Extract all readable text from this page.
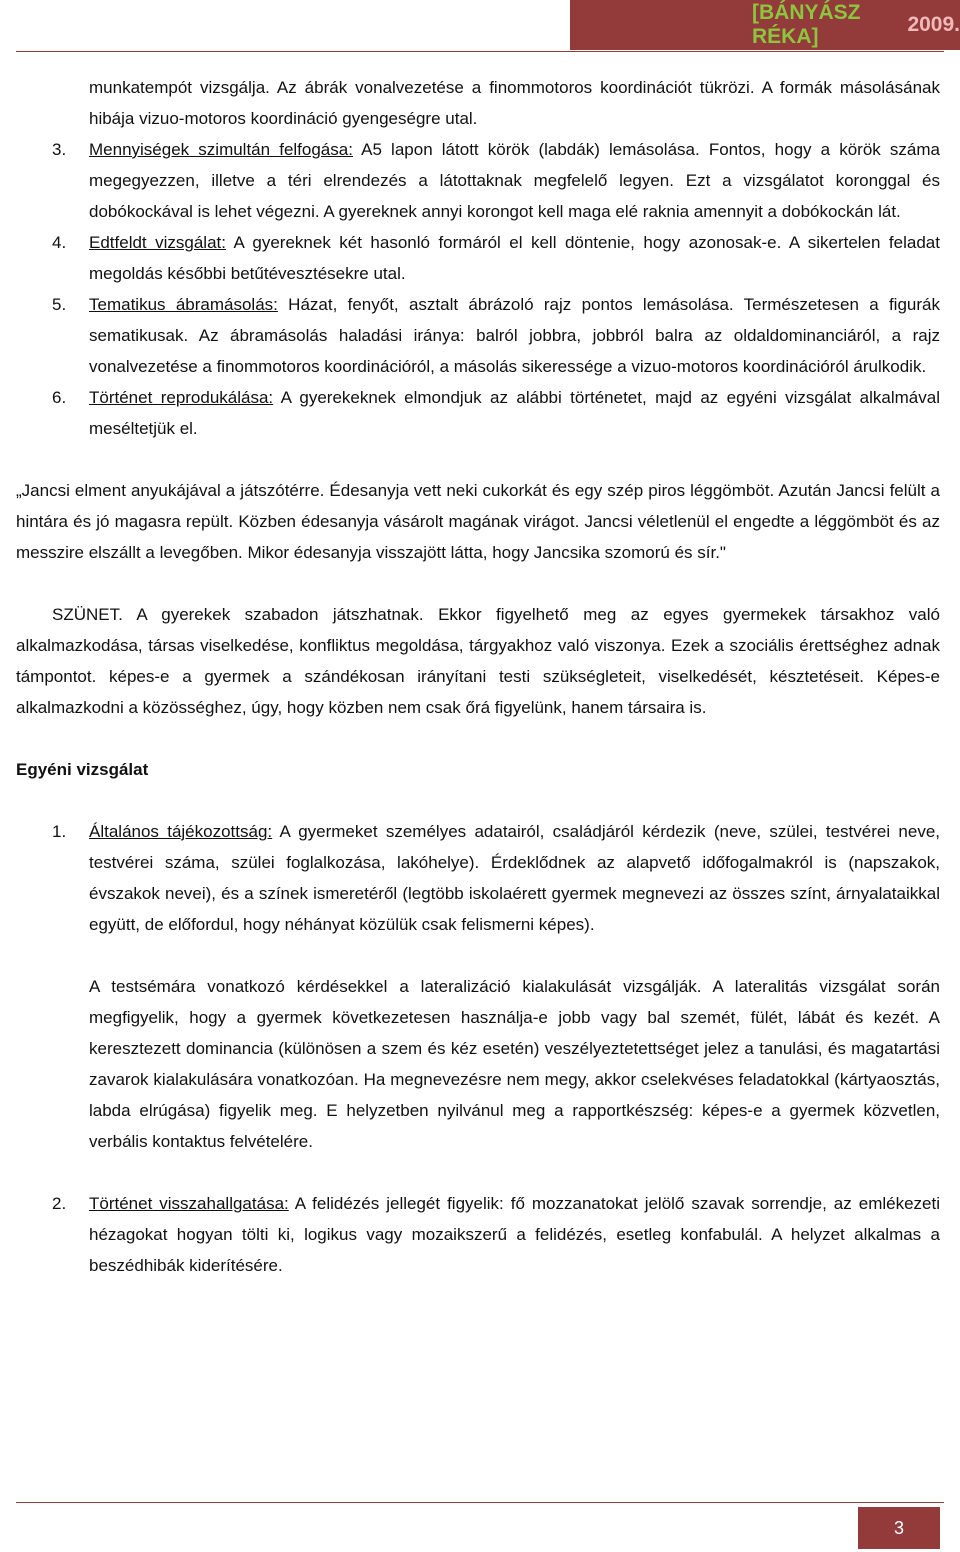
[BÁNYÁSZ RÉKA]
2009.

munkatempót vizsgálja. Az ábrák vonalvezetése a finommotoros koordinációt tükrözi. A formák másolásának hibája vizuo-motoros koordináció gyengeségre utal.

3. Mennyiségek szimultán felfogása: A5 lapon látott körök (labdák) lemásolása. Fontos, hogy a körök száma megegyezzen, illetve a téri elrendezés a látottaknak megfelelő legyen. Ezt a vizsgálatot koronggal és dobókockával is lehet végezni. A gyereknek annyi korongot kell maga elé raknia amennyit a dobókockán lát.

4. Edtfeldt vizsgálat: A gyereknek két hasonló formáról el kell döntenie, hogy azonosak-e. A sikertelen feladat megoldás későbbi betűtévesztésekre utal.

5. Tematikus ábramásolás: Házat, fenyőt, asztalt ábrázoló rajz pontos lemásolása. Természetesen a figurák sematikusak. Az ábramásolás haladási iránya: balról jobbra, jobbról balra az oldaldominanciáról, a rajz vonalvezetése a finommotoros koordinációról, a másolás sikeressége a vizuo-motoros koordinációról árulkodik.

6. Történet reprodukálása: A gyerekeknek elmondjuk az alábbi történetet, majd az egyéni vizsgálat alkalmával meséltetjük el.

„Jancsi elment anyukájával a játszótérre. Édesanyja vett neki cukorkát és egy szép piros léggömböt. Azután Jancsi felült a hintára és jó magasra repült. Közben édesanyja vásárolt magának virágot. Jancsi véletlenül el engedte a léggömböt és az messzire elszállt a levegőben. Mikor édesanyja visszajött látta, hogy Jancsika szomorú és sír."

SZÜNET. A gyerekek szabadon játszhatnak. Ekkor figyelhető meg az egyes gyermekek társakhoz való alkalmazkodása, társas viselkedése, konfliktus megoldása, tárgyakhoz való viszonya. Ezek a szociális érettséghez adnak támpontot. képes-e a gyermek a szándékosan irányítani testi szükségleteit, viselkedését, késztetéseit. Képes-e alkalmazkodni a közösséghez, úgy, hogy közben nem csak őrá figyelünk, hanem társaira is.

Egyéni vizsgálat

1. Általános tájékozottság: A gyermeket személyes adatairól, családjáról kérdezik (neve, szülei, testvérei neve, testvérei száma, szülei foglalkozása, lakóhelye). Érdeklődnek az alapvető időfogalmakról is (napszakok, évszakok nevei), és a színek ismeretéről (legtöbb iskolaérett gyermek megnevezi az összes színt, árnyalataikkal együtt, de előfordul, hogy néhányat közülük csak felismerni képes).

A testsémára vonatkozó kérdésekkel a lateralizáció kialakulását vizsgálják. A lateralitás vizsgálat során megfigyelik, hogy a gyermek következetesen használja-e jobb vagy bal szemét, fülét, lábát és kezét. A keresztezett dominancia (különösen a szem és kéz esetén) veszélyeztetettséget jelez a tanulási, és magatartási zavarok kialakulására vonatkozóan. Ha megnevezésre nem megy, akkor cselekvéses feladatokkal (kártyaosztás, labda elrúgása) figyelik meg. E helyzetben nyilvánul meg a rapportkészség: képes-e a gyermek közvetlen, verbális kontaktus felvételére.

2. Történet visszahallgatása: A felidézés jellegét figyelik: fő mozzanatokat jelölő szavak sorrendje, az emlékezeti hézagokat hogyan tölti ki, logikus vagy mozaikszerű a felidézés, esetleg konfabulál. A helyzet alkalmas a beszédhibák kiderítésére.

3
